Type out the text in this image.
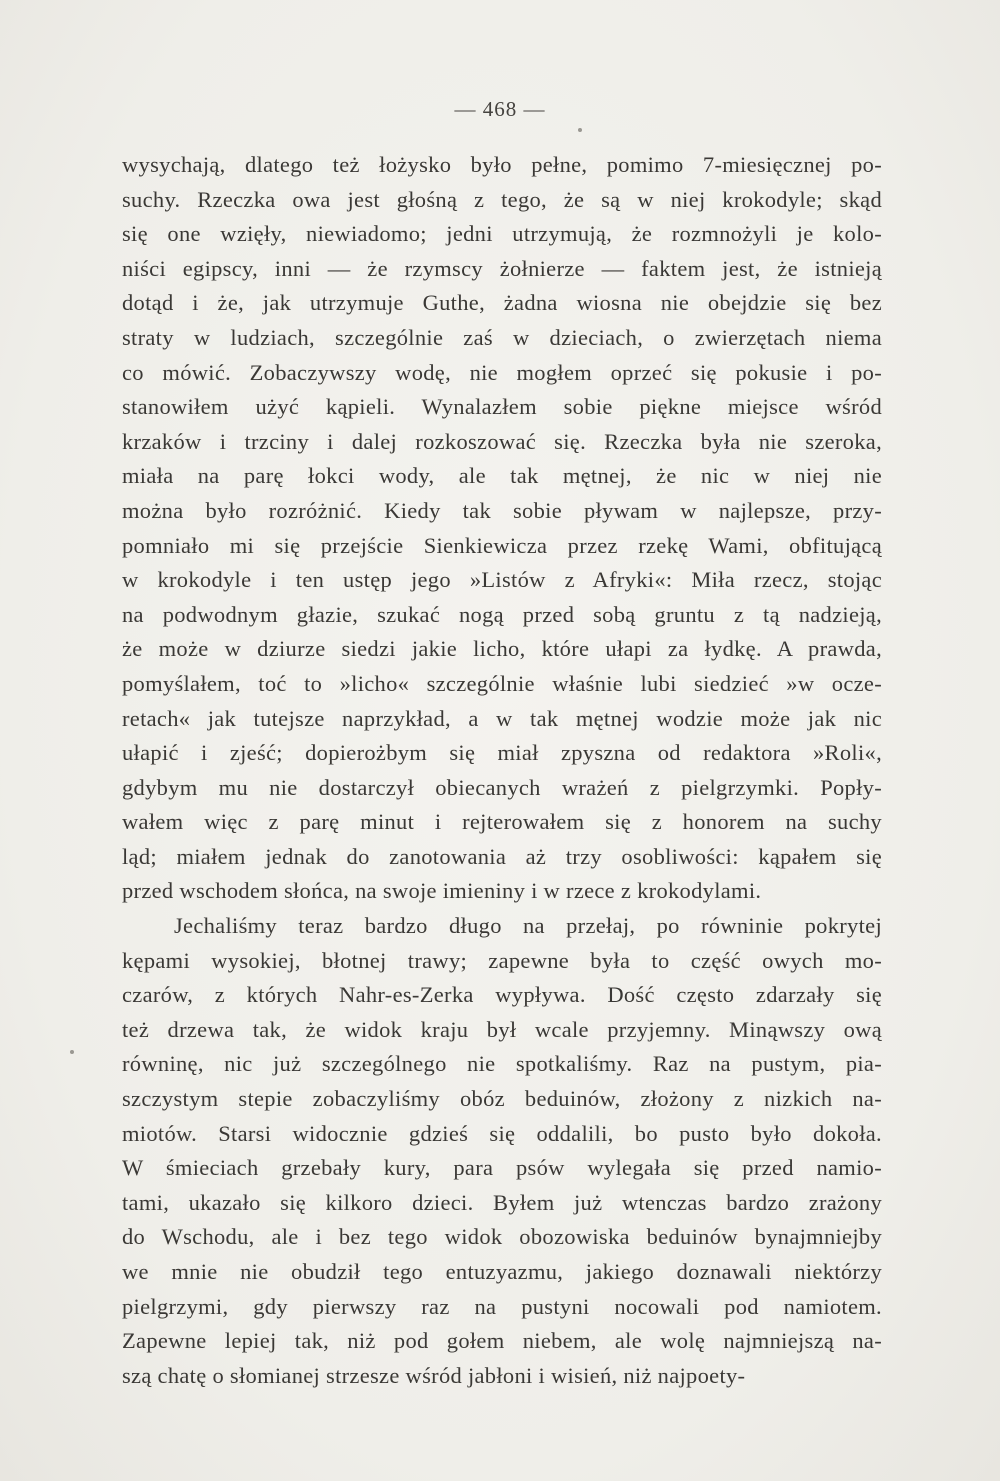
— 468 —
wysychają, dlatego też łożysko było pełne, pomimo 7-miesięcznej po-
suchy. Rzeczka owa jest głośną z tego, że są w niej krokodyle; skąd
się one wzięły, niewiadomo; jedni utrzymują, że rozmnożyli je kolo-
niści egipscy, inni — że rzymscy żołnierze — faktem jest, że istnieją
dotąd i że, jak utrzymuje Guthe, żadna wiosna nie obejdzie się bez
straty w ludziach, szczególnie zaś w dzieciach, o zwierzętach niema
co mówić. Zobaczywszy wodę, nie mogłem oprzeć się pokusie i po-
stanowiłem użyć kąpieli. Wynalazłem sobie piękne miejsce wśród
krzaków i trzciny i dalej rozkoszować się. Rzeczka była nie szeroka,
miała na parę łokci wody, ale tak mętnej, że nic w niej nie
można było rozróżnić. Kiedy tak sobie pływam w najlepsze, przy-
pomniało mi się przejście Sienkiewicza przez rzekę Wami, obfitującą
w krokodyle i ten ustęp jego »Listów z Afryki«: Miła rzecz, stojąc
na podwodnym głazie, szukać nogą przed sobą gruntu z tą nadzieją,
że może w dziurze siedzi jakie licho, które ułapi za łydkę. A prawda,
pomyślałem, toć to »licho« szczególnie właśnie lubi siedzieć »w ocze-
retach« jak tutejsze naprzykład, a w tak mętnej wodzie może jak nic
ułapić i zjeść; dopierożbym się miał zpyszna od redaktora »Roli«,
gdybym mu nie dostarczył obiecanych wrażeń z pielgrzymki. Popły-
wałem więc z parę minut i rejterowałem się z honorem na suchy
ląd; miałem jednak do zanotowania aż trzy osobliwości: kąpałem się
przed wschodem słońca, na swoje imieniny i w rzece z krokodylami.
Jechaliśmy teraz bardzo długo na przełaj, po równinie pokrytej
kępami wysokiej, błotnej trawy; zapewne była to część owych mo-
czarów, z których Nahr-es-Zerka wypływa. Dość często zdarzały się
też drzewa tak, że widok kraju był wcale przyjemny. Minąwszy ową
równinę, nic już szczególnego nie spotkaliśmy. Raz na pustym, pia-
szczystym stepie zobaczyliśmy obóz beduinów, złożony z nizkich na-
miotów. Starsi widocznie gdzieś się oddalili, bo pusto było dokoła.
W śmieciach grzebały kury, para psów wylegała się przed namio-
tami, ukazało się kilkoro dzieci. Byłem już wtenczas bardzo zrażony
do Wschodu, ale i bez tego widok obozowiska beduinów bynajmniejby
we mnie nie obudził tego entuzyazmu, jakiego doznawali niektórzy
pielgrzymi, gdy pierwszy raz na pustyni nocowali pod namiotem.
Zapewne lepiej tak, niż pod gołem niebem, ale wolę najmniejszą na-
szą chatę o słomianej strzesze wśród jabłoni i wisień, niż najpoety-
